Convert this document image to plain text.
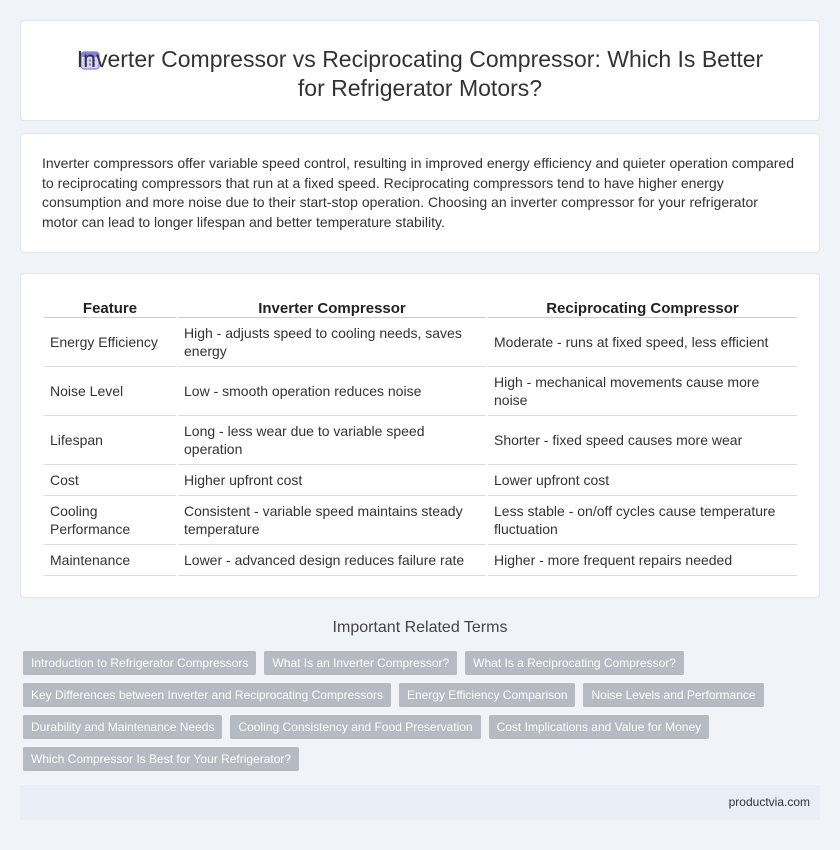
Inverter Compressor vs Reciprocating Compressor: Which Is Better for Refrigerator Motors?

Inverter compressors offer variable speed control, resulting in improved energy efficiency and quieter operation compared to reciprocating compressors that run at a fixed speed. Reciprocating compressors tend to have higher energy consumption and more noise due to their start-stop operation. Choosing an inverter compressor for your refrigerator motor can lead to longer lifespan and better temperature stability.

Feature	Inverter Compressor	Reciprocating Compressor
Energy Efficiency	High - adjusts speed to cooling needs, saves energy	Moderate - runs at fixed speed, less efficient
Noise Level	Low - smooth operation reduces noise	High - mechanical movements cause more noise
Lifespan	Long - less wear due to variable speed operation	Shorter - fixed speed causes more wear
Cost	Higher upfront cost	Lower upfront cost
Cooling Performance	Consistent - variable speed maintains steady temperature	Less stable - on/off cycles cause temperature fluctuation
Maintenance	Lower - advanced design reduces failure rate	Higher - more frequent repairs needed
Important Related Terms
Introduction to Refrigerator Compressors	What Is an Inverter Compressor?	What Is a Reciprocating Compressor?
Key Differences between Inverter and Reciprocating Compressors	Energy Efficiency Comparison	Noise Levels and Performance
Durability and Maintenance Needs	Cooling Consistency and Food Preservation	Cost Implications and Value for Money
Which Compressor Is Best for Your Refrigerator?
productvia.com
